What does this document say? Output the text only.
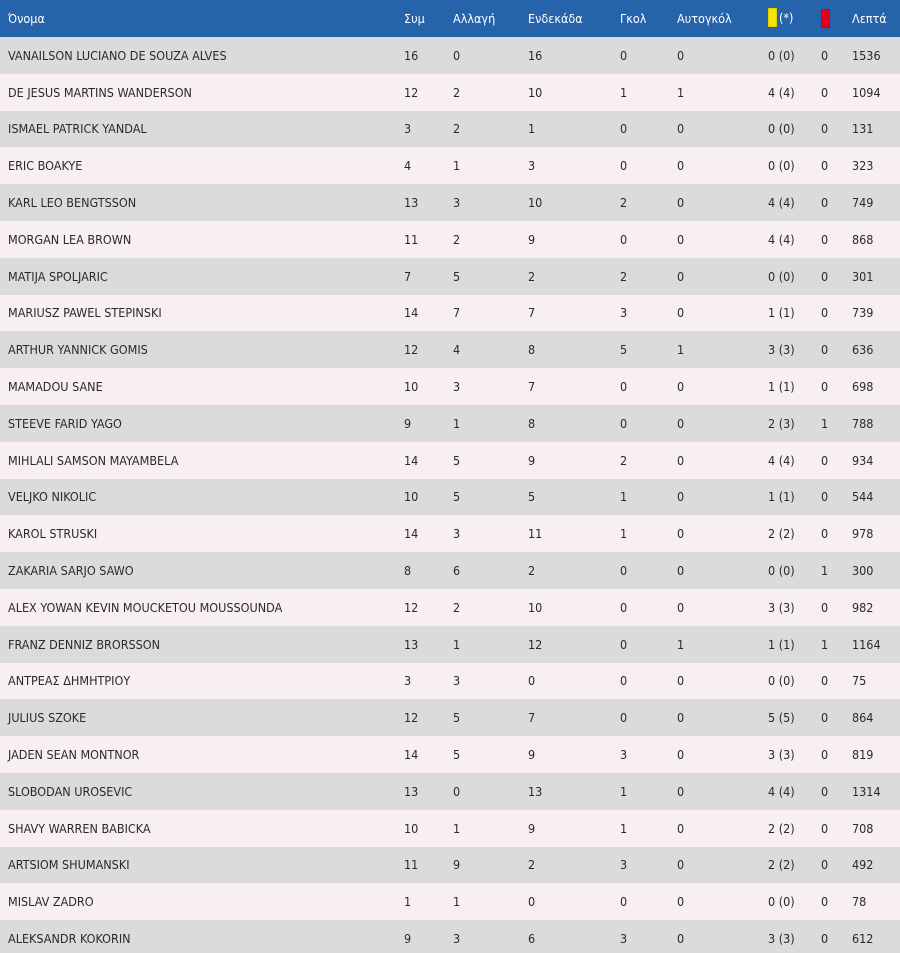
Όνομα	Συμ	Αλλαγή	Ενδεκάδα	Γκολ	Αυτογκόλ	(*)		Λεπτά
VANAILSON LUCIANO DE SOUZA ALVES	16	0	16	0	0	0 (0)	0	1536
DE JESUS MARTINS WANDERSON	12	2	10	1	1	4 (4)	0	1094
ISMAEL PATRICK YANDAL	3	2	1	0	0	0 (0)	0	131
ERIC BOAKYE	4	1	3	0	0	0 (0)	0	323
KARL LEO BENGTSSON	13	3	10	2	0	4 (4)	0	749
MORGAN LEA BROWN	11	2	9	0	0	4 (4)	0	868
MATIJA SPOLJARIC	7	5	2	2	0	0 (0)	0	301
MARIUSZ PAWEL STEPINSKI	14	7	7	3	0	1 (1)	0	739
ARTHUR YANNICK GOMIS	12	4	8	5	1	3 (3)	0	636
MAMADOU SANE	10	3	7	0	0	1 (1)	0	698
STEEVE FARID YAGO	9	1	8	0	0	2 (3)	1	788
MIHLALI SAMSON MAYAMBELA	14	5	9	2	0	4 (4)	0	934
VELJKO NIKOLIC	10	5	5	1	0	1 (1)	0	544
KAROL STRUSKI	14	3	11	1	0	2 (2)	0	978
ZAKARIA SARJO SAWO	8	6	2	0	0	0 (0)	1	300
ALEX YOWAN KEVIN MOUCKETOU MOUSSOUNDA	12	2	10	0	0	3 (3)	0	982
FRANZ DENNIZ BRORSSON	13	1	12	0	1	1 (1)	1	1164
ΑΝΤΡΕΑΣ ΔΗΜΗΤΡΙΟΥ	3	3	0	0	0	0 (0)	0	75
JULIUS SZOKE	12	5	7	0	0	5 (5)	0	864
JADEN SEAN MONTNOR	14	5	9	3	0	3 (3)	0	819
SLOBODAN UROSEVIC	13	0	13	1	0	4 (4)	0	1314
SHAVY WARREN BABICKA	10	1	9	1	0	2 (2)	0	708
ARTSIOM SHUMANSKI	11	9	2	3	0	2 (2)	0	492
MISLAV ZADRO	1	1	0	0	0	0 (0)	0	78
ALEKSANDR KOKORIN	9	3	6	3	0	3 (3)	0	612
